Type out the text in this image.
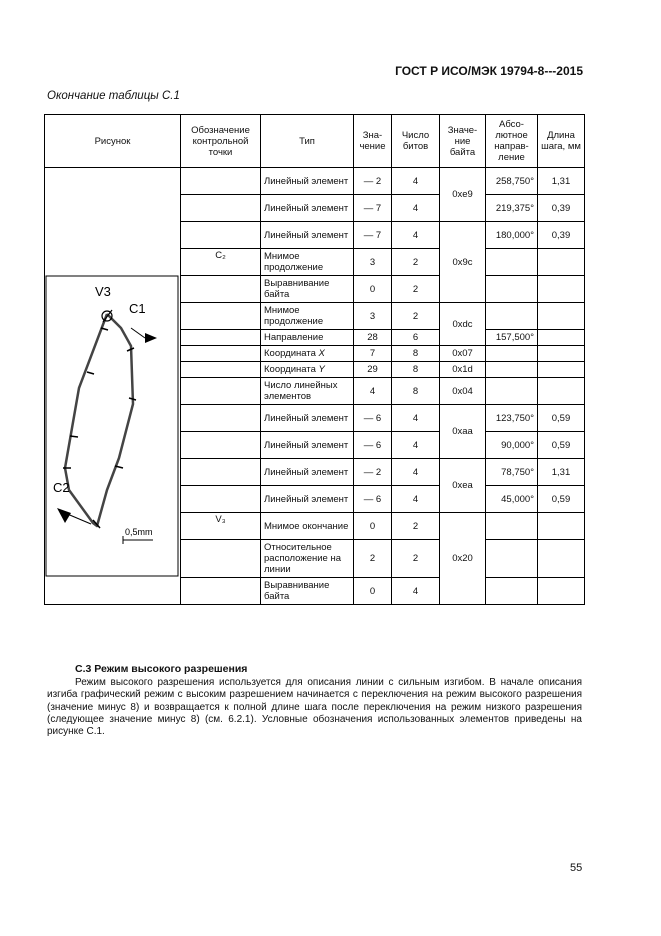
ГОСТ Р ИСО/МЭК 19794-8---2015
Окончание таблицы С.1
Рисунок	Обозначение контрольной точки	Тип	Зна-чение	Число битов	Значе-ние байта	Абсо-лютное направ-ление	Длина шага, мм

V3
C1
C2
0,5mm		Линейный элемент	— 2	4	0xe9	258,750°	1,31
		Линейный элемент	— 7	4		219,375°	0,39
		Линейный элемент	— 7	4	0x9c	180,000°	0,39
	C₂	Мнимое продолжение	3	2			
		Выравнивание байта	0	2			
		Мнимое продолжение	3	2	0xdc		
		Направление	28	6		157,500°	
		Координата X	7	8	0x07		
		Координата Y	29	8	0x1d		
		Число линейных элементов	4	8	0x04		
		Линейный элемент	— 6	4	0xaa	123,750°	0,59
		Линейный элемент	— 6	4		90,000°	0,59
		Линейный элемент	— 2	4	0xea	78,750°	1,31
		Линейный элемент	— 6	4		45,000°	0,59
	V₃	Мнимое окончание	0	2	0x20		
		Относительное расположение на линии	2	2			
		Выравнивание байта	0	4			
С.3 Режим высокого разрешения
Режим высокого разрешения используется для описания линии с сильным изгибом. В начале описания изгиба графический режим с высоким разрешением начинается с переключения на режим высокого разрешения (значение минус 8) и возвращается к полной длине шага после переключения на режим низкого разрешения (следующее значение минус 8) (см. 6.2.1). Условные обозначения использованных элементов приведены на рисунке С.1.
55
